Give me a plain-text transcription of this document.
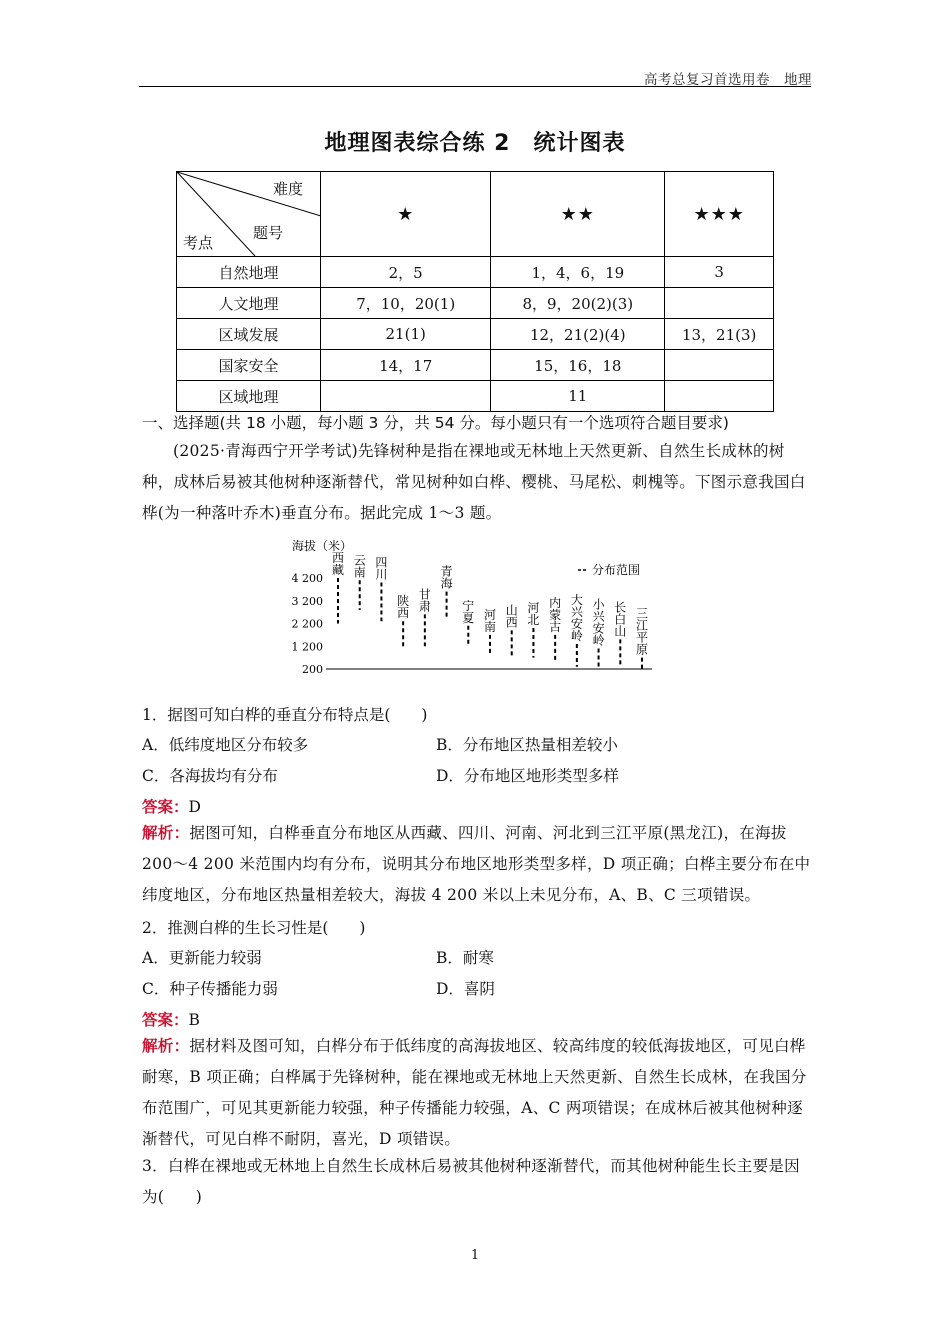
高考总复习首选用卷　地理
地理图表综合练 2　统计图表
难度
题号
考点	★	★★	★★★
自然地理	2，5	1，4，6，19	3
人文地理	7，10，20(1)	8，9，20(2)(3)	
区域发展	21(1)	12，21(2)(4)	13，21(3)
国家安全	14，17	15，16，18	
区域地理		11	
一、选择题(共 18 小题，每小题 3 分，共 54 分。每小题只有一个选项符合题目要求)
(2025·青海西宁开学考试)先锋树种是指在裸地或无林地上天然更新、自然生长成林的树种，成林后易被其他树种逐渐替代，常见树种如白桦、樱桃、马尾松、刺槐等。下图示意我国白桦(为一种落叶乔木)垂直分布。据此完成 1～3 题。
海拔（米）
4 200
3 200
2 200
1 200
200
西藏
云南
四川
陕西
甘肃
青海
宁夏 河南
山西
河北
内蒙古
大兴安岭
小兴安岭
长白山
三江平原
分布范围
1．据图可知白桦的垂直分布特点是(　　)
A．低纬度地区分布较多	B．分布地区热量相差较小
C．各海拔均有分布	D．分布地区地形类型多样
答案：D
解析：据图可知，白桦垂直分布地区从西藏、四川、河南、河北到三江平原(黑龙江)，在海拔 200～4 200 米范围内均有分布，说明其分布地区地形类型多样，D 项正确；白桦主要分布在中纬度地区，分布地区热量相差较大，海拔 4 200 米以上未见分布，A、B、C 三项错误。
2．推测白桦的生长习性是(　　)
A．更新能力较弱	B．耐寒
C．种子传播能力弱	D．喜阴
答案：B
解析：据材料及图可知，白桦分布于低纬度的高海拔地区、较高纬度的较低海拔地区，可见白桦耐寒，B 项正确；白桦属于先锋树种，能在裸地或无林地上天然更新、自然生长成林，在我国分布范围广，可见其更新能力较强，种子传播能力较强，A、C 两项错误；在成林后被其他树种逐渐替代，可见白桦不耐阴，喜光，D 项错误。
3．白桦在裸地或无林地上自然生长成林后易被其他树种逐渐替代，而其他树种能生长主要是因为(　　)
1
